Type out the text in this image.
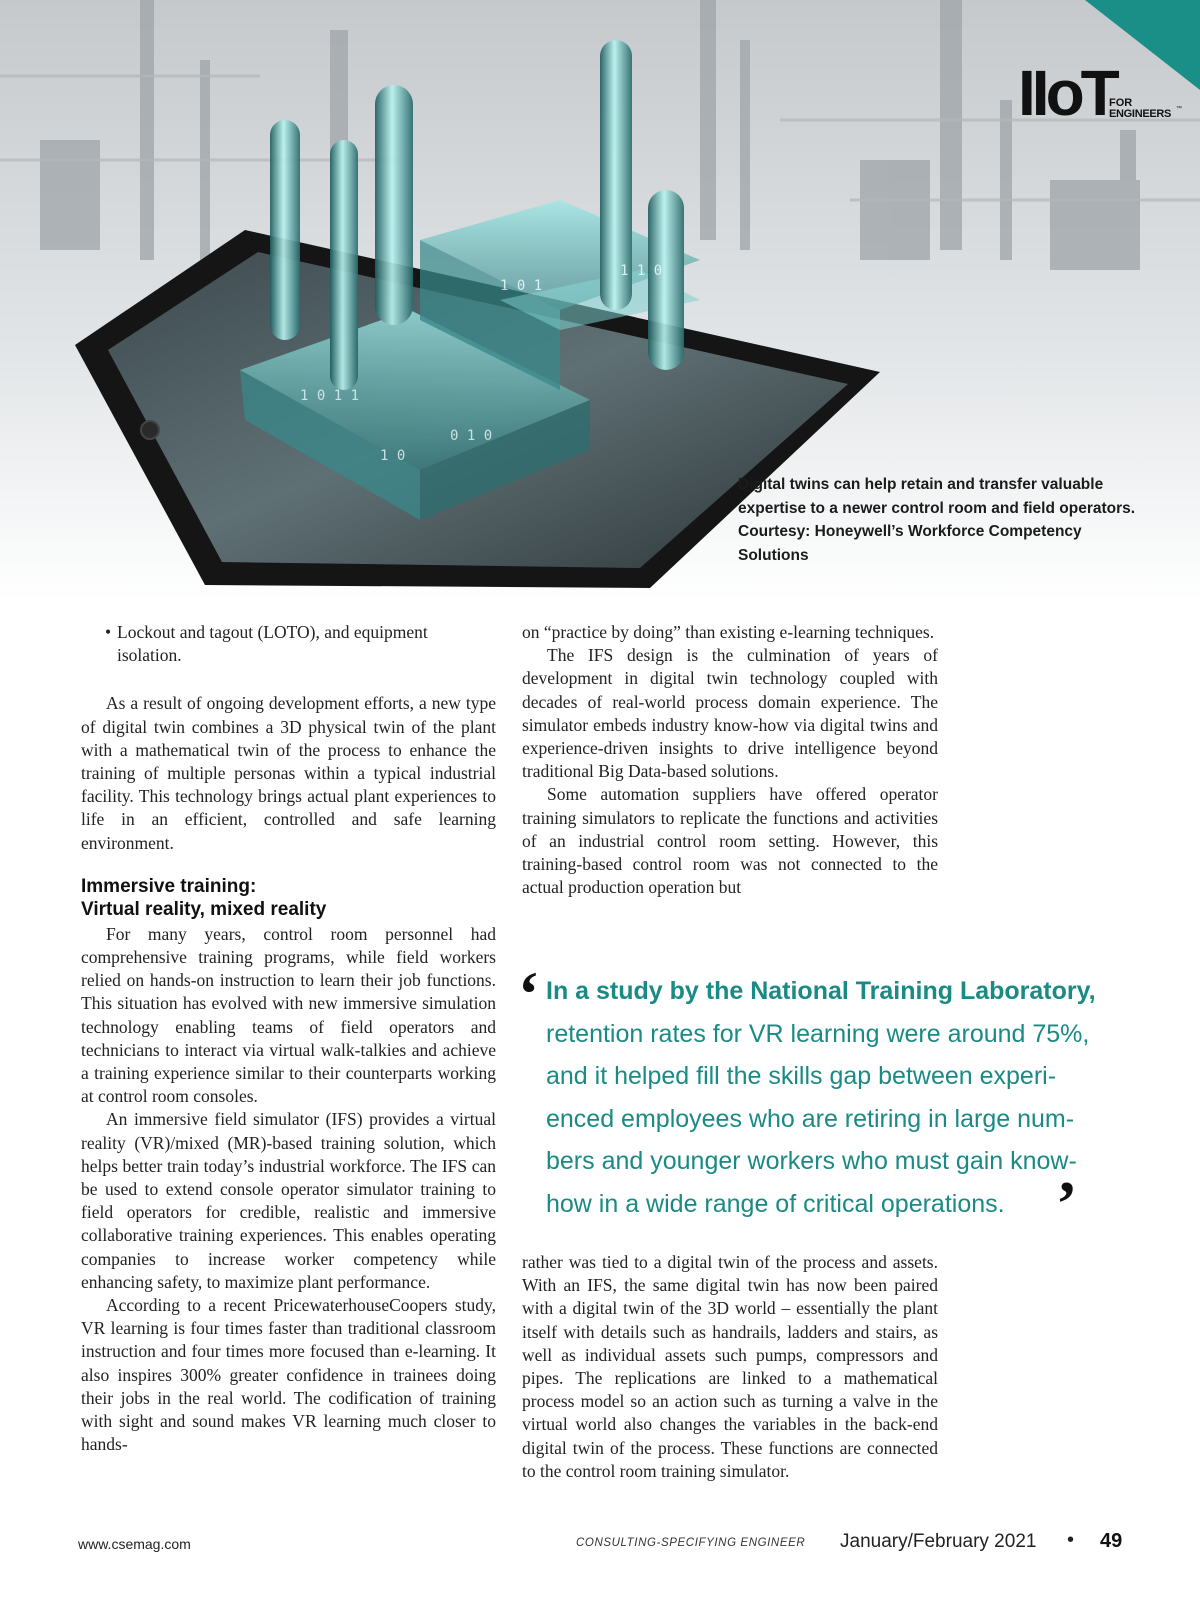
1 0 1 1
0 1 0
1 0 1
1 1 0
1 0
IIoT
FOR
ENGINEERS ™
Digital twins can help retain and transfer valuable expertise to a newer control room and field operators. Courtesy: Honeywell’s Workforce Competency Solutions
• Lockout and tagout (LOTO), and equipment isolation.

As a result of ongoing development efforts, a new type of digital twin combines a 3D physical twin of the plant with a mathematical twin of the process to enhance the training of multiple personas within a typical industrial facility. This technology brings actual plant experiences to life in an efficient, controlled and safe learning environment.

Immersive training:
Virtual reality, mixed reality

For many years, control room personnel had comprehensive training programs, while field workers relied on hands-on instruction to learn their job functions. This situation has evolved with new immersive simulation technology enabling teams of field operators and technicians to interact via virtual walk-talkies and achieve a training experience similar to their counterparts working at control room consoles.

An immersive field simulator (IFS) provides a virtual reality (VR)/mixed (MR)-based training solution, which helps better train today’s industrial workforce. The IFS can be used to extend console operator simulator training to field operators for credible, realistic and immersive collaborative training experiences. This enables operating companies to increase worker competency while enhancing safety, to maximize plant performance.

According to a recent PricewaterhouseCoopers study, VR learning is four times faster than traditional classroom instruction and four times more focused than e-learning. It also inspires 300% greater confidence in trainees doing their jobs in the real world. The codification of training with sight and sound makes VR learning much closer to hands-

on “practice by doing” than existing e-learning techniques.

The IFS design is the culmination of years of development in digital twin technology coupled with decades of real-world process domain experience. The simulator embeds industry know-how via digital twins and experience-driven insights to drive intelligence beyond traditional Big Data-based solutions.

Some automation suppliers have offered operator training simulators to replicate the functions and activities of an industrial control room setting. However, this training-based control room was not connected to the actual production operation but

‘ In a study by the National Training Laboratory,
retention rates for VR learning were around 75%,
and it helped fill the skills gap between experi-
enced employees who are retiring in large num-
bers and younger workers who must gain know-
how in a wide range of critical operations. ’

rather was tied to a digital twin of the process and assets. With an IFS, the same digital twin has now been paired with a digital twin of the 3D world – essentially the plant itself with details such as handrails, ladders and stairs, as well as individual assets such pumps, compressors and pipes. The replications are linked to a mathematical process model so an action such as turning a valve in the virtual world also changes the variables in the back-end digital twin of the process. These functions are connected to the control room training simulator.

www.csemag.com	CONSULTING-SPECIFYING ENGINEER January/February 2021 • 49
